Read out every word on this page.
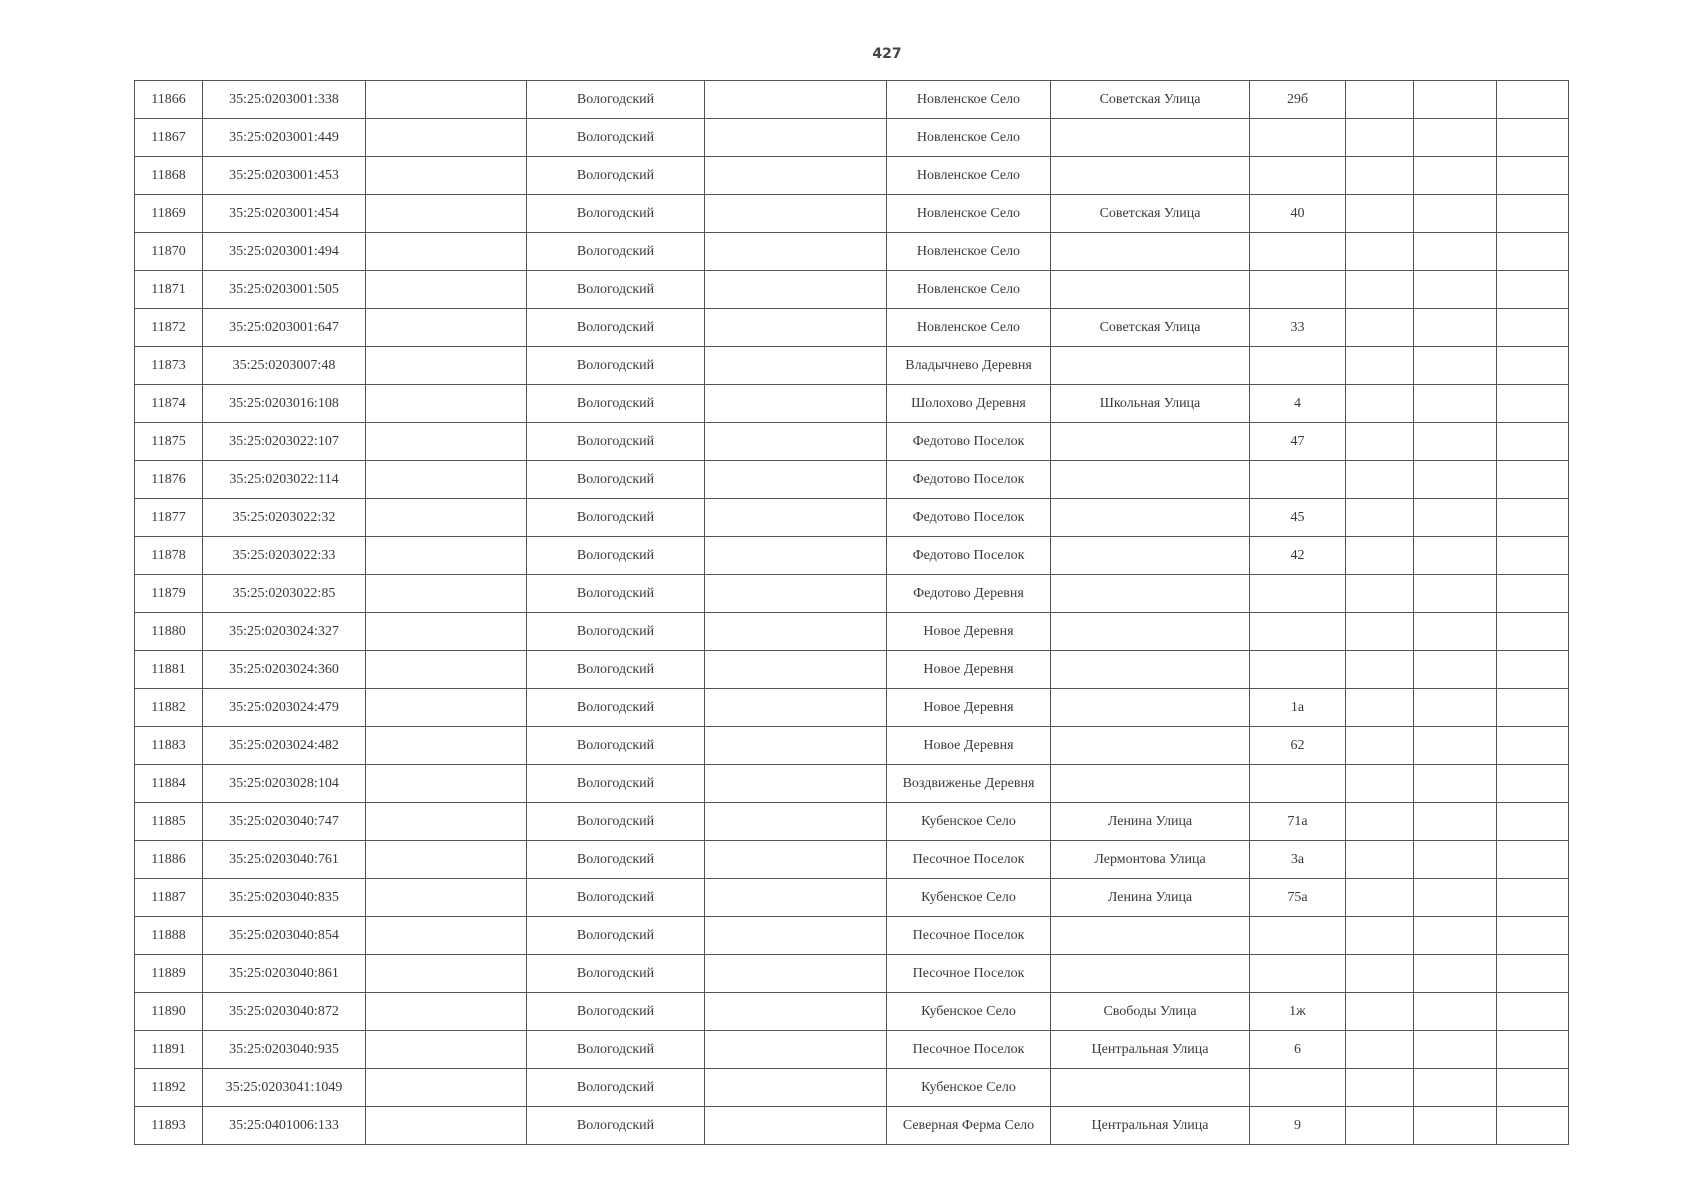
427
11866	35:25:0203001:338		Вологодский		Новленское Село	Советская Улица	29б			
11867	35:25:0203001:449		Вологодский		Новленское Село					
11868	35:25:0203001:453		Вологодский		Новленское Село					
11869	35:25:0203001:454		Вологодский		Новленское Село	Советская Улица	40			
11870	35:25:0203001:494		Вологодский		Новленское Село					
11871	35:25:0203001:505		Вологодский		Новленское Село					
11872	35:25:0203001:647		Вологодский		Новленское Село	Советская Улица	33			
11873	35:25:0203007:48		Вологодский		Владычнево Деревня					
11874	35:25:0203016:108		Вологодский		Шолохово Деревня	Школьная Улица	4			
11875	35:25:0203022:107		Вологодский		Федотово Поселок		47			
11876	35:25:0203022:114		Вологодский		Федотово Поселок					
11877	35:25:0203022:32		Вологодский		Федотово Поселок		45			
11878	35:25:0203022:33		Вологодский		Федотово Поселок		42			
11879	35:25:0203022:85		Вологодский		Федотово Деревня					
11880	35:25:0203024:327		Вологодский		Новое Деревня					
11881	35:25:0203024:360		Вологодский		Новое Деревня					
11882	35:25:0203024:479		Вологодский		Новое Деревня		1а			
11883	35:25:0203024:482		Вологодский		Новое Деревня		62			
11884	35:25:0203028:104		Вологодский		Воздвиженье Деревня					
11885	35:25:0203040:747		Вологодский		Кубенское Село	Ленина Улица	71а			
11886	35:25:0203040:761		Вологодский		Песочное Поселок	Лермонтова Улица	3а			
11887	35:25:0203040:835		Вологодский		Кубенское Село	Ленина Улица	75а			
11888	35:25:0203040:854		Вологодский		Песочное Поселок					
11889	35:25:0203040:861		Вологодский		Песочное Поселок					
11890	35:25:0203040:872		Вологодский		Кубенское Село	Свободы Улица	1ж			
11891	35:25:0203040:935		Вологодский		Песочное Поселок	Центральная Улица	6			
11892	35:25:0203041:1049		Вологодский		Кубенское Село					
11893	35:25:0401006:133		Вологодский		Северная Ферма Село	Центральная Улица	9			
